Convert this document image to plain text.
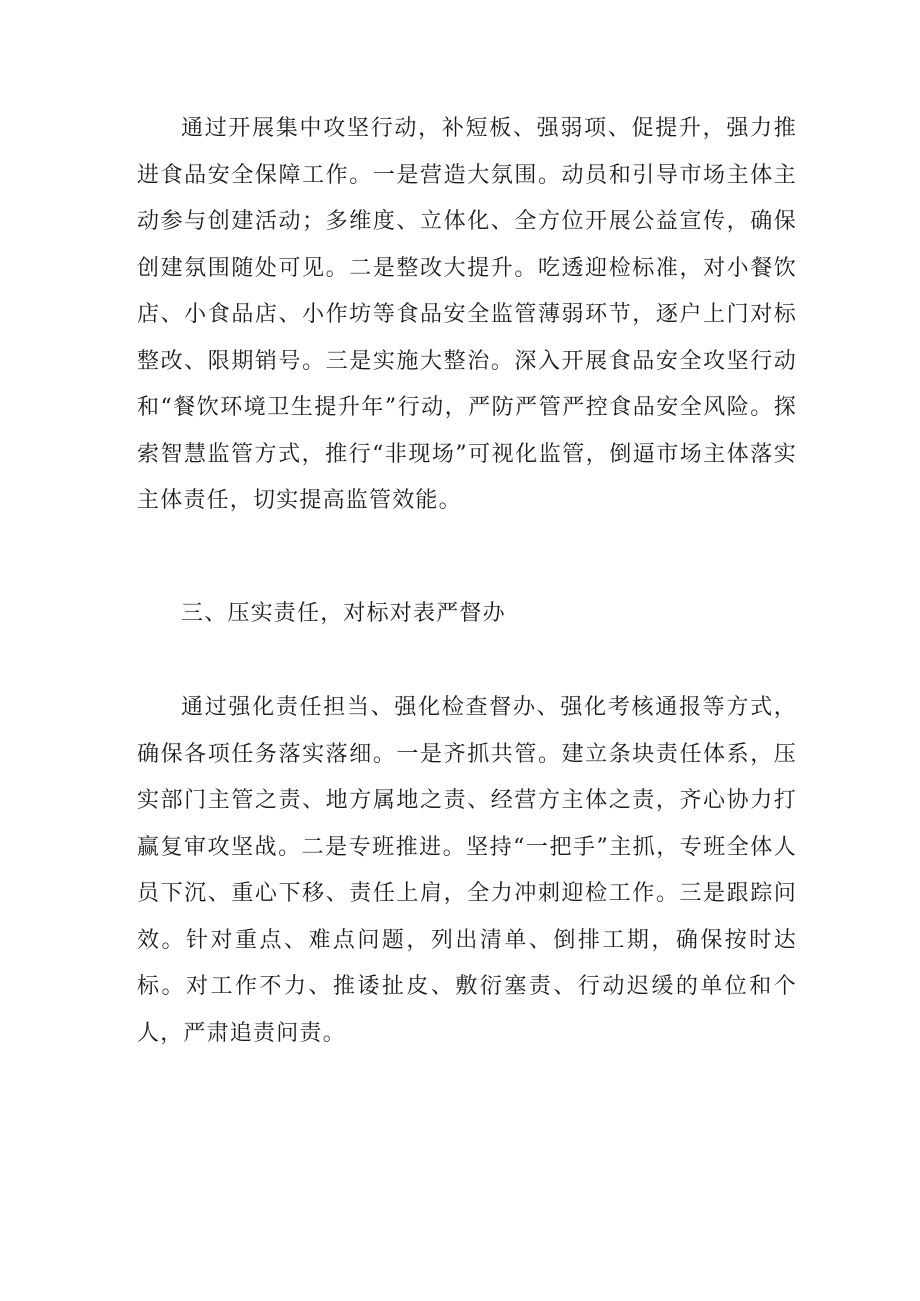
通过开展集中攻坚行动，补短板、强弱项、促提升，强力推进食品安全保障工作。一是营造大氛围。动员和引导市场主体主动参与创建活动；多维度、立体化、全方位开展公益宣传，确保创建氛围随处可见。二是整改大提升。吃透迎检标准，对小餐饮店、小食品店、小作坊等食品安全监管薄弱环节，逐户上门对标整改、限期销号。三是实施大整治。深入开展食品安全攻坚行动和“餐饮环境卫生提升年”行动，严防严管严控食品安全风险。探索智慧监管方式，推行“非现场”可视化监管，倒逼市场主体落实主体责任，切实提高监管效能。

三、压实责任，对标对表严督办

通过强化责任担当、强化检查督办、强化考核通报等方式，确保各项任务落实落细。一是齐抓共管。建立条块责任体系，压实部门主管之责、地方属地之责、经营方主体之责，齐心协力打赢复审攻坚战。二是专班推进。坚持“一把手”主抓，专班全体人员下沉、重心下移、责任上肩，全力冲刺迎检工作。三是跟踪问效。针对重点、难点问题，列出清单、倒排工期，确保按时达标。对工作不力、推诿扯皮、敷衍塞责、行动迟缓的单位和个人，严肃追责问责。
